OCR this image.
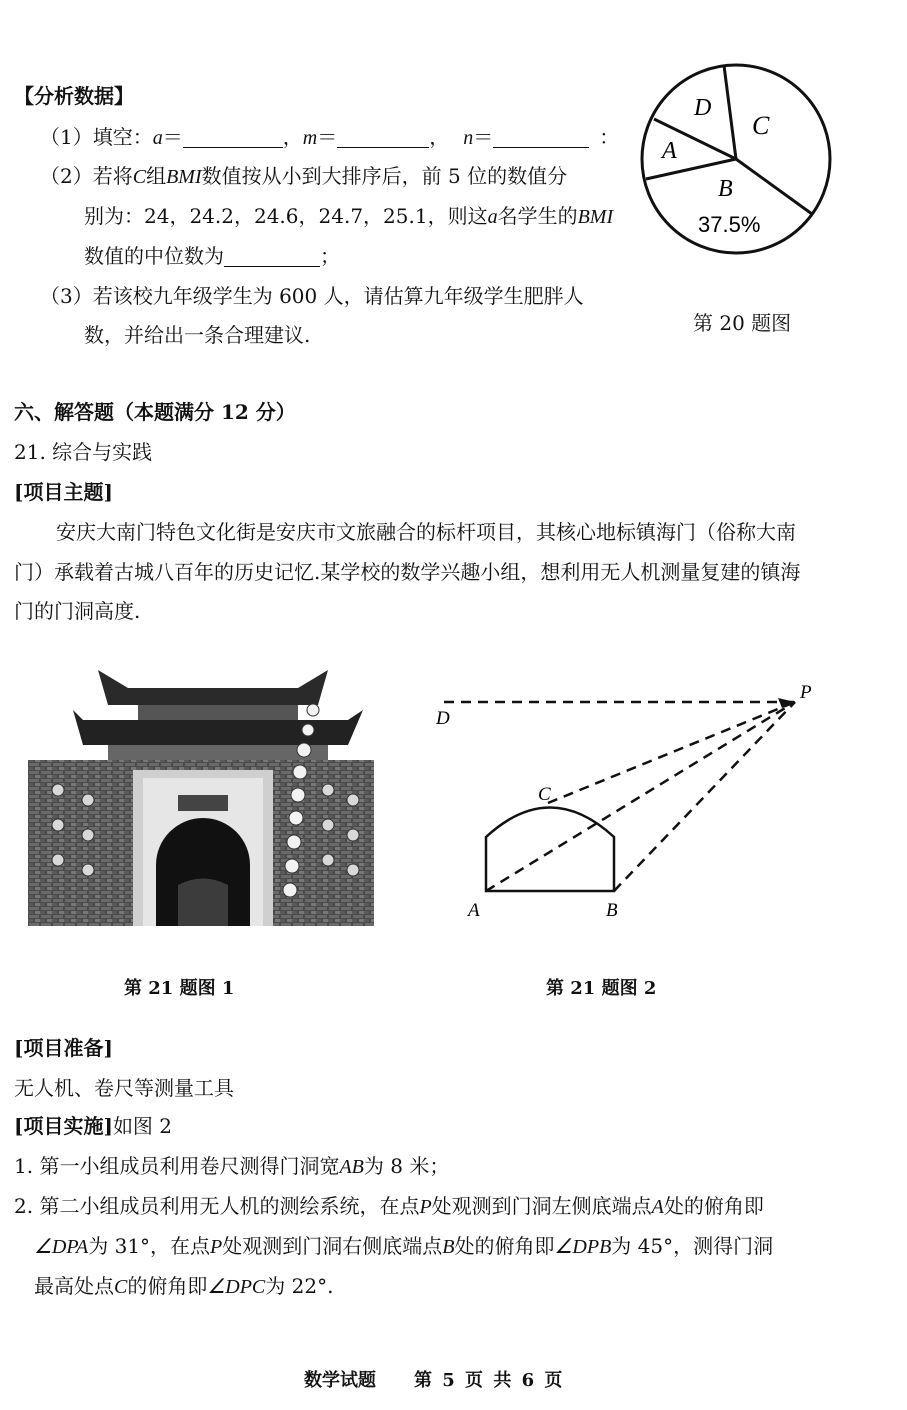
【分析数据】
（1）填空：a＝	，m＝	， n＝	：
（2）若将C组BMI数值按从小到大排序后，前 5 位的数值分
别为：24，24.2，24.6，24.7，25.1，则这a名学生的BMI
数值的中位数为	；
（3）若该校九年级学生为 600 人，请估算九年级学生肥胖人
数，并给出一条合理建议.
D
C
A
B
37.5%
第 20 题图
六、解答题（本题满分 12 分）
21. 综合与实践
[项目主题]
安庆大南门特色文化街是安庆市文旅融合的标杆项目，其核心地标镇海门（俗称大南
门）承载着古城八百年的历史记忆.某学校的数学兴趣小组，想利用无人机测量复建的镇海
门的门洞高度.
P
D
C
A	B
第 21 题图 1	第 21 题图 2
[项目准备]
无人机、卷尺等测量工具
[项目实施]如图 2
1. 第一小组成员利用卷尺测得门洞宽AB为 8 米；
2. 第二小组成员利用无人机的测绘系统，在点P处观测到门洞左侧底端点A处的俯角即
∠DPA为 31°，在点P处观测到门洞右侧底端点B处的俯角即∠DPB为 45°，测得门洞
最高处点C的俯角即∠DPC为 22°.
数学试题 第 5 页 共 6 页
